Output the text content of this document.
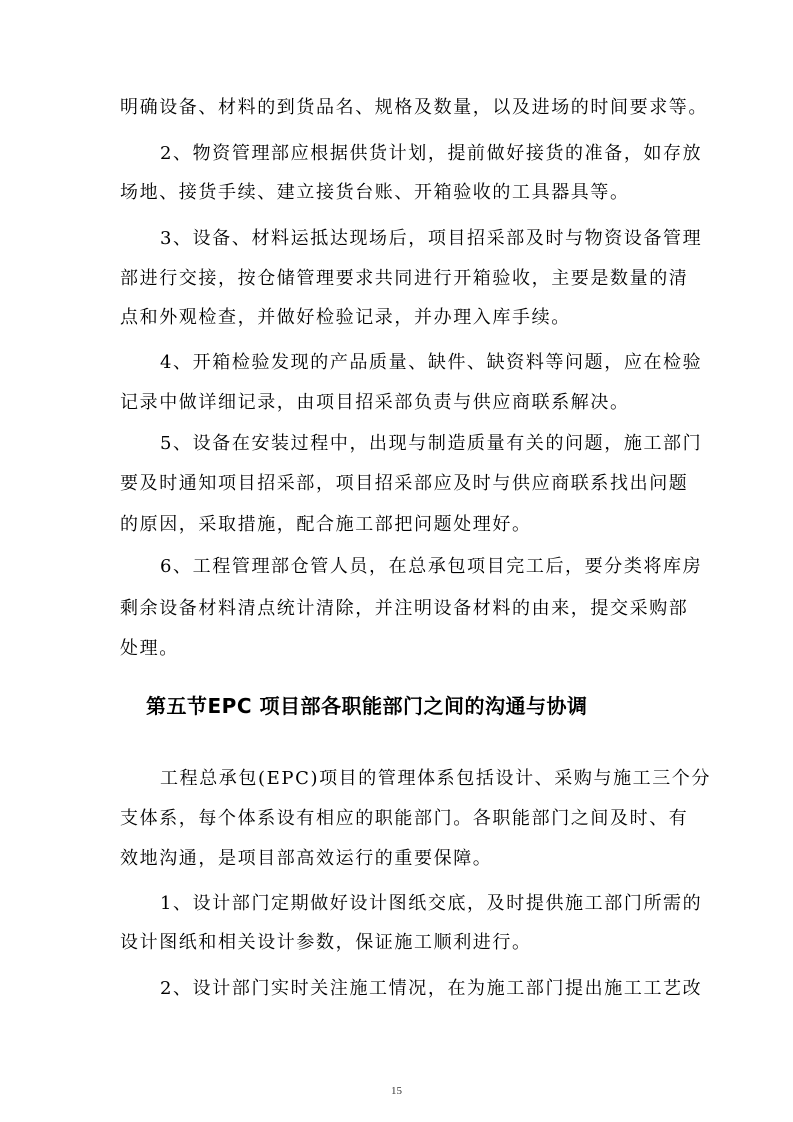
明确设备、材料的到货品名、规格及数量，以及进场的时间要求等。
2、物资管理部应根据供货计划，提前做好接货的准备，如存放
场地、接货手续、建立接货台账、开箱验收的工具器具等。
3、设备、材料运抵达现场后，项目招采部及时与物资设备管理
部进行交接，按仓储管理要求共同进行开箱验收，主要是数量的清
点和外观检查，并做好检验记录，并办理入库手续。
4、开箱检验发现的产品质量、缺件、缺资料等问题，应在检验
记录中做详细记录，由项目招采部负责与供应商联系解决。
5、设备在安装过程中，出现与制造质量有关的问题，施工部门
要及时通知项目招采部，项目招采部应及时与供应商联系找出问题
的原因，采取措施，配合施工部把问题处理好。
6、工程管理部仓管人员，在总承包项目完工后，要分类将库房
剩余设备材料清点统计清除，并注明设备材料的由来，提交采购部
处理。
第五节EPC 项目部各职能部门之间的沟通与协调
工程总承包(EPC)项目的管理体系包括设计、采购与施工三个分
支体系，每个体系设有相应的职能部门。各职能部门之间及时、有
效地沟通，是项目部高效运行的重要保障。
1、设计部门定期做好设计图纸交底，及时提供施工部门所需的
设计图纸和相关设计参数，保证施工顺利进行。
2、设计部门实时关注施工情况，在为施工部门提出施工工艺改
15
